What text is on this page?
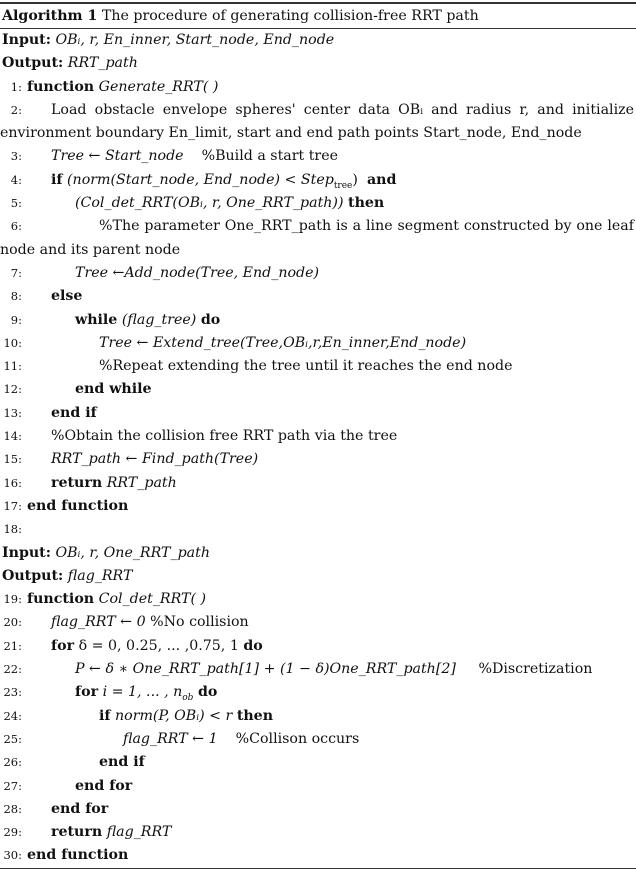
Algorithm 1 The procedure of generating collision-free RRT path
Input: OBᵢ, r, En_inner, Start_node, End_node
Output: RRT_path
1: function Generate_RRT( )
2: Load obstacle envelope spheres' center data OBᵢ and radius r, and initialize environment boundary En_limit, start and end path points Start_node, End_node
3: Tree ← Start_node %Build a start tree
4: if (norm(Start_node, End_node) < Step$_{tree}$) and
5:	(Col_det_RRT(OBᵢ, r, One_RRT_path)) then
6:	%The parameter One_RRT_path is a line segment constructed by one leaf node and its parent node
7:	Tree ←Add_node(Tree, End_node)
8: else
9:	while (flag_tree) do
10:	Tree ← Extend_tree(Tree,OBᵢ,r,En_inner,End_node)
11:	%Repeat extending the tree until it reaches the end node
12:	end while
13: end if
14: %Obtain the collision free RRT path via the tree
15: RRT_path ← Find_path(Tree)
16: return RRT_path
17: end function
18:
Input: OBᵢ, r, One_RRT_path
Output: flag_RRT
19: function Col_det_RRT( )
20: flag_RRT ← 0 %No collision
21: for δ = 0, 0.25, ... ,0.75, 1 do
22:	P ← δ ∗ One_RRT_path[1] + (1 − δ)One_RRT_path[2] %Discretization
23:	for i = 1, ... , $n_{ob}$ do
24:	if norm(P, OBᵢ) < r then
25:	flag_RRT ← 1 %Collison occurs
26:	end if
27:	end for
28: end for
29: return flag_RRT
30: end function
